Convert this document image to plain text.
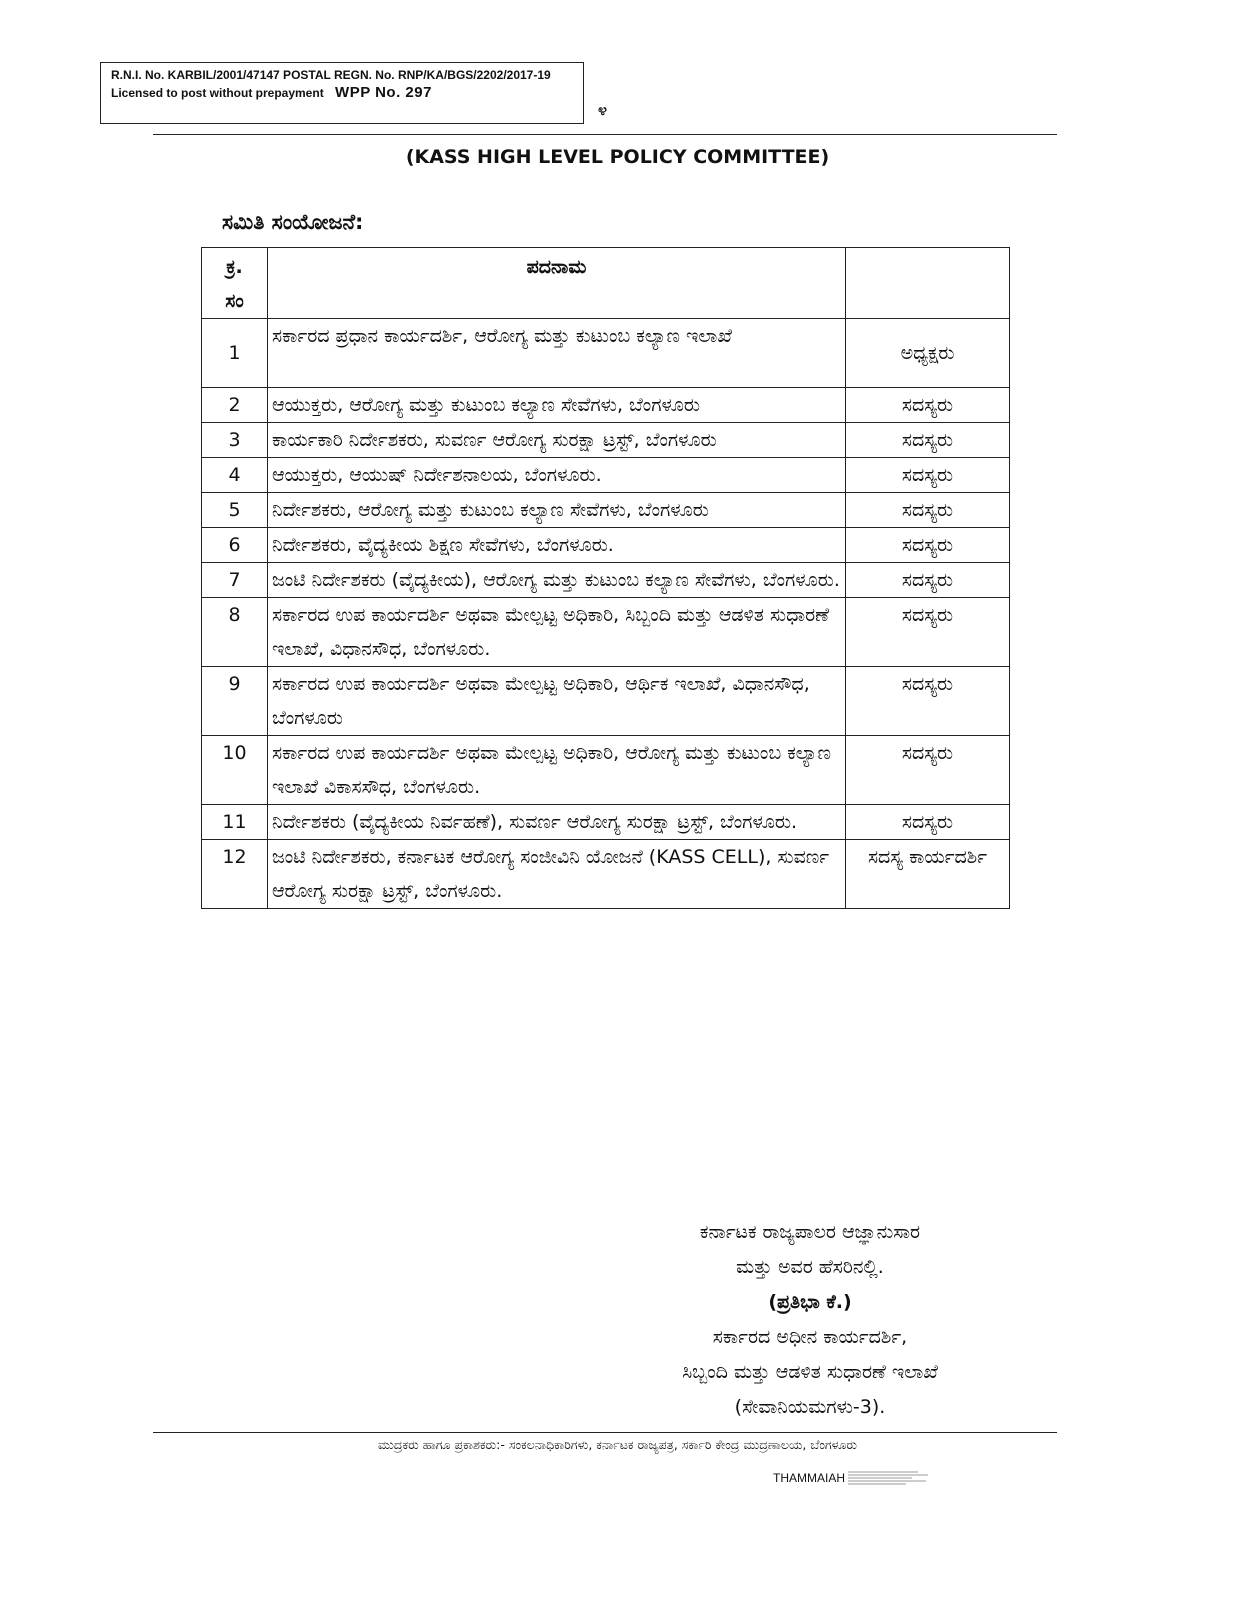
R.N.I. No. KARBIL/2001/47147 POSTAL REGN. No. RNP/KA/BGS/2202/2017-19
Licensed to post without prepayment WPP No. 297
೪
(KASS HIGH LEVEL POLICY COMMITTEE)
ಸಮಿತಿ ಸಂಯೋಜನೆ:
ಕ್ರ.
ಸಂ	ಪದನಾಮ	
1	ಸರ್ಕಾರದ ಪ್ರಧಾನ ಕಾರ್ಯದರ್ಶಿ, ಆರೋಗ್ಯ ಮತ್ತು ಕುಟುಂಬ ಕಲ್ಯಾಣ ಇಲಾಖೆ	ಅಧ್ಯಕ್ಷರು
2	ಆಯುಕ್ತರು, ಆರೋಗ್ಯ ಮತ್ತು ಕುಟುಂಬ ಕಲ್ಯಾಣ ಸೇವೆಗಳು, ಬೆಂಗಳೂರು	ಸದಸ್ಯರು
3	ಕಾರ್ಯಕಾರಿ ನಿರ್ದೇಶಕರು, ಸುವರ್ಣ ಆರೋಗ್ಯ ಸುರಕ್ಷಾ ಟ್ರಸ್ಟ್, ಬೆಂಗಳೂರು	ಸದಸ್ಯರು
4	ಆಯುಕ್ತರು, ಆಯುಷ್ ನಿರ್ದೇಶನಾಲಯ, ಬೆಂಗಳೂರು.	ಸದಸ್ಯರು
5	ನಿರ್ದೇಶಕರು, ಆರೋಗ್ಯ ಮತ್ತು ಕುಟುಂಬ ಕಲ್ಯಾಣ ಸೇವೆಗಳು, ಬೆಂಗಳೂರು	ಸದಸ್ಯರು
6	ನಿರ್ದೇಶಕರು, ವೈದ್ಯಕೀಯ ಶಿಕ್ಷಣ ಸೇವೆಗಳು, ಬೆಂಗಳೂರು.	ಸದಸ್ಯರು
7	ಜಂಟಿ ನಿರ್ದೇಶಕರು (ವೈದ್ಯಕೀಯ), ಆರೋಗ್ಯ ಮತ್ತು ಕುಟುಂಬ ಕಲ್ಯಾಣ ಸೇವೆಗಳು, ಬೆಂಗಳೂರು.	ಸದಸ್ಯರು
8	ಸರ್ಕಾರದ ಉಪ ಕಾರ್ಯದರ್ಶಿ ಅಥವಾ ಮೇಲ್ಪಟ್ಟ ಅಧಿಕಾರಿ, ಸಿಬ್ಬಂದಿ ಮತ್ತು ಆಡಳಿತ ಸುಧಾರಣೆ ಇಲಾಖೆ, ವಿಧಾನಸೌಧ, ಬೆಂಗಳೂರು.	ಸದಸ್ಯರು
9	ಸರ್ಕಾರದ ಉಪ ಕಾರ್ಯದರ್ಶಿ ಅಥವಾ ಮೇಲ್ಪಟ್ಟ ಅಧಿಕಾರಿ, ಆರ್ಥಿಕ ಇಲಾಖೆ, ವಿಧಾನಸೌಧ, ಬೆಂಗಳೂರು	ಸದಸ್ಯರು
10	ಸರ್ಕಾರದ ಉಪ ಕಾರ್ಯದರ್ಶಿ ಅಥವಾ ಮೇಲ್ಪಟ್ಟ ಅಧಿಕಾರಿ, ಆರೋಗ್ಯ ಮತ್ತು ಕುಟುಂಬ ಕಲ್ಯಾಣ ಇಲಾಖೆ ವಿಕಾಸಸೌಧ, ಬೆಂಗಳೂರು.	ಸದಸ್ಯರು
11	ನಿರ್ದೇಶಕರು (ವೈದ್ಯಕೀಯ ನಿರ್ವಹಣೆ), ಸುವರ್ಣ ಆರೋಗ್ಯ ಸುರಕ್ಷಾ ಟ್ರಸ್ಟ್, ಬೆಂಗಳೂರು.	ಸದಸ್ಯರು
12	ಜಂಟಿ ನಿರ್ದೇಶಕರು, ಕರ್ನಾಟಕ ಆರೋಗ್ಯ ಸಂಜೀವಿನಿ ಯೋಜನೆ (KASS CELL), ಸುವರ್ಣ ಆರೋಗ್ಯ ಸುರಕ್ಷಾ ಟ್ರಸ್ಟ್, ಬೆಂಗಳೂರು.	ಸದಸ್ಯ ಕಾರ್ಯದರ್ಶಿ
ಕರ್ನಾಟಕ ರಾಜ್ಯಪಾಲರ ಆಜ್ಞಾನುಸಾರ
ಮತ್ತು ಅವರ ಹೆಸರಿನಲ್ಲಿ.
(ಪ್ರತಿಭಾ ಕೆ.)
ಸರ್ಕಾರದ ಅಧೀನ ಕಾರ್ಯದರ್ಶಿ,
ಸಿಬ್ಬಂದಿ ಮತ್ತು ಆಡಳಿತ ಸುಧಾರಣೆ ಇಲಾಖೆ
(ಸೇವಾನಿಯಮಗಳು-3).
ಮುದ್ರಕರು ಹಾಗೂ ಪ್ರಕಾಶಕರು:- ಸಂಕಲನಾಧಿಕಾರಿಗಳು, ಕರ್ನಾಟಕ ರಾಜ್ಯಪತ್ರ, ಸರ್ಕಾರಿ ಕೇಂದ್ರ ಮುದ್ರಣಾಲಯ, ಬೆಂಗಳೂರು
THAMMAIAH
